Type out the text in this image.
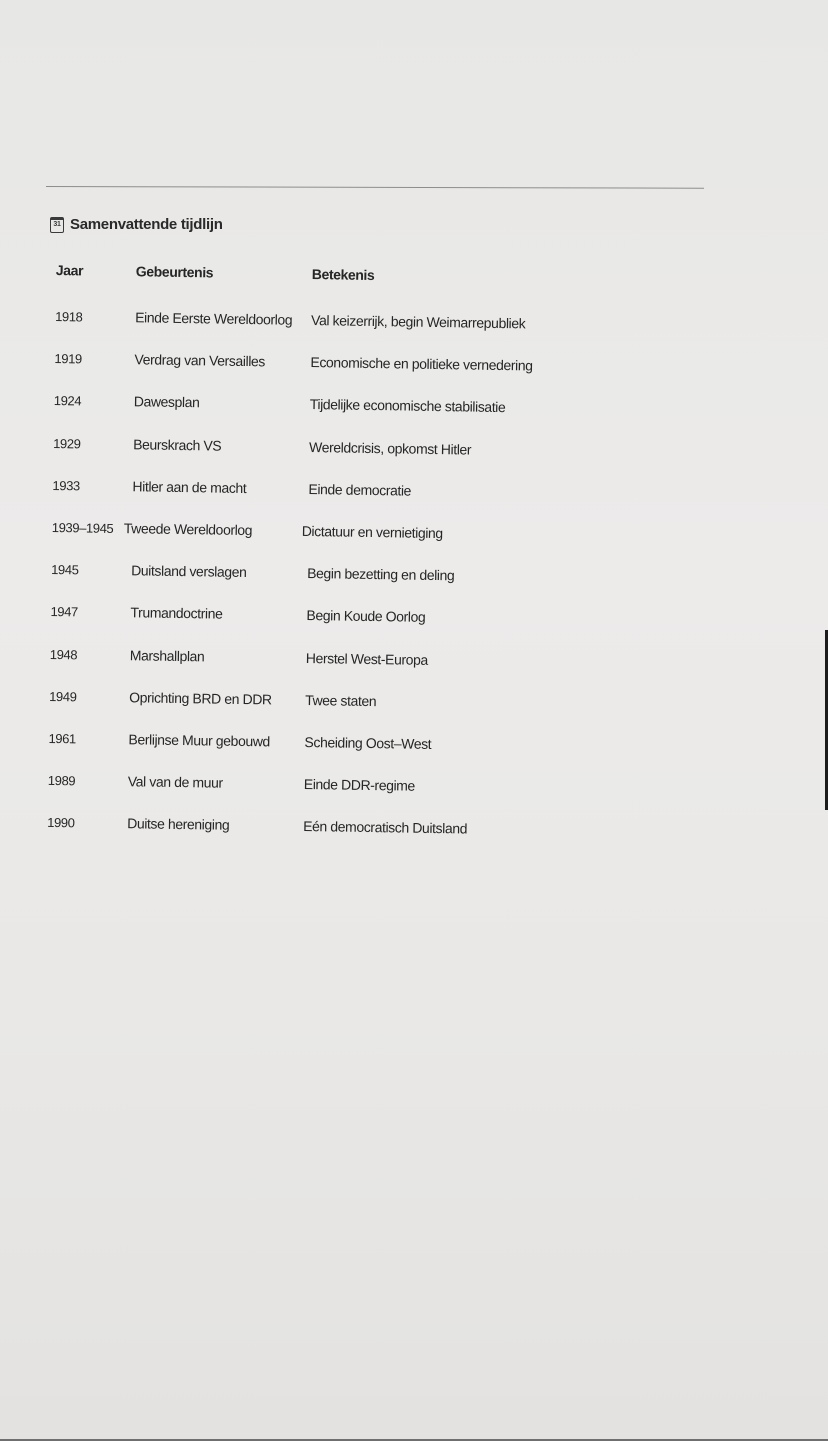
31 Samenvattende tijdlijn
Jaar	Gebeurtenis	Betekenis
1918	Einde Eerste Wereldoorlog	Val keizerrijk, begin Weimarrepubliek
1919	Verdrag van Versailles	Economische en politieke vernedering
1924	Dawesplan	Tijdelijke economische stabilisatie
1929	Beurskrach VS	Wereldcrisis, opkomst Hitler
1933	Hitler aan de macht	Einde democratie
1939–1945 Tweede Wereldoorlog	Dictatuur en vernietiging
1945	Duitsland verslagen	Begin bezetting en deling
1947	Trumandoctrine	Begin Koude Oorlog
1948	Marshallplan	Herstel West-Europa
1949	Oprichting BRD en DDR	Twee staten
1961	Berlijnse Muur gebouwd	Scheiding Oost–West
1989	Val van de muur	Einde DDR-regime
1990	Duitse hereniging	Eén democratisch Duitsland
